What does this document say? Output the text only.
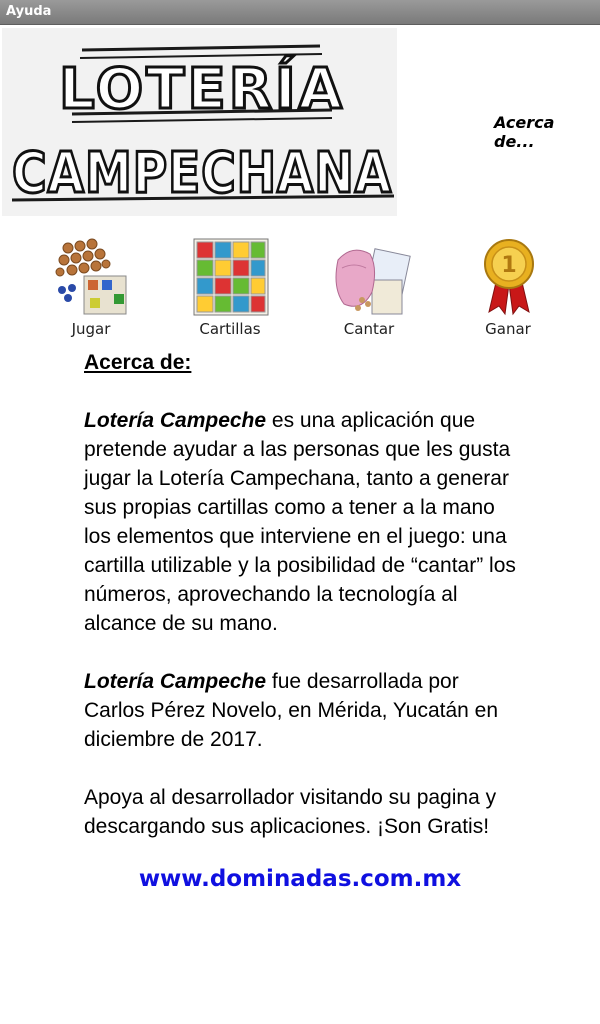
Ayuda
LOTERÍA
CAMPECHANA
Acerca de...
Jugar	Cartillas	Cantar
1
Ganar
Acerca de:

Lotería Campeche es una aplicación que pretende ayudar a las personas que les gusta jugar la Lotería Campechana, tanto a generar sus propias cartillas como a tener a la mano los elementos que interviene en el juego: una cartilla utilizable y la posibilidad de “cantar” los números, aprovechando la tecnología al alcance de su mano.

Lotería Campeche fue desarrollada por Carlos Pérez Novelo, en Mérida, Yucatán en diciembre de 2017.

Apoya al desarrollador visitando su pagina y descargando sus aplicaciones. ¡Son Gratis!

www.dominadas.com.mx
